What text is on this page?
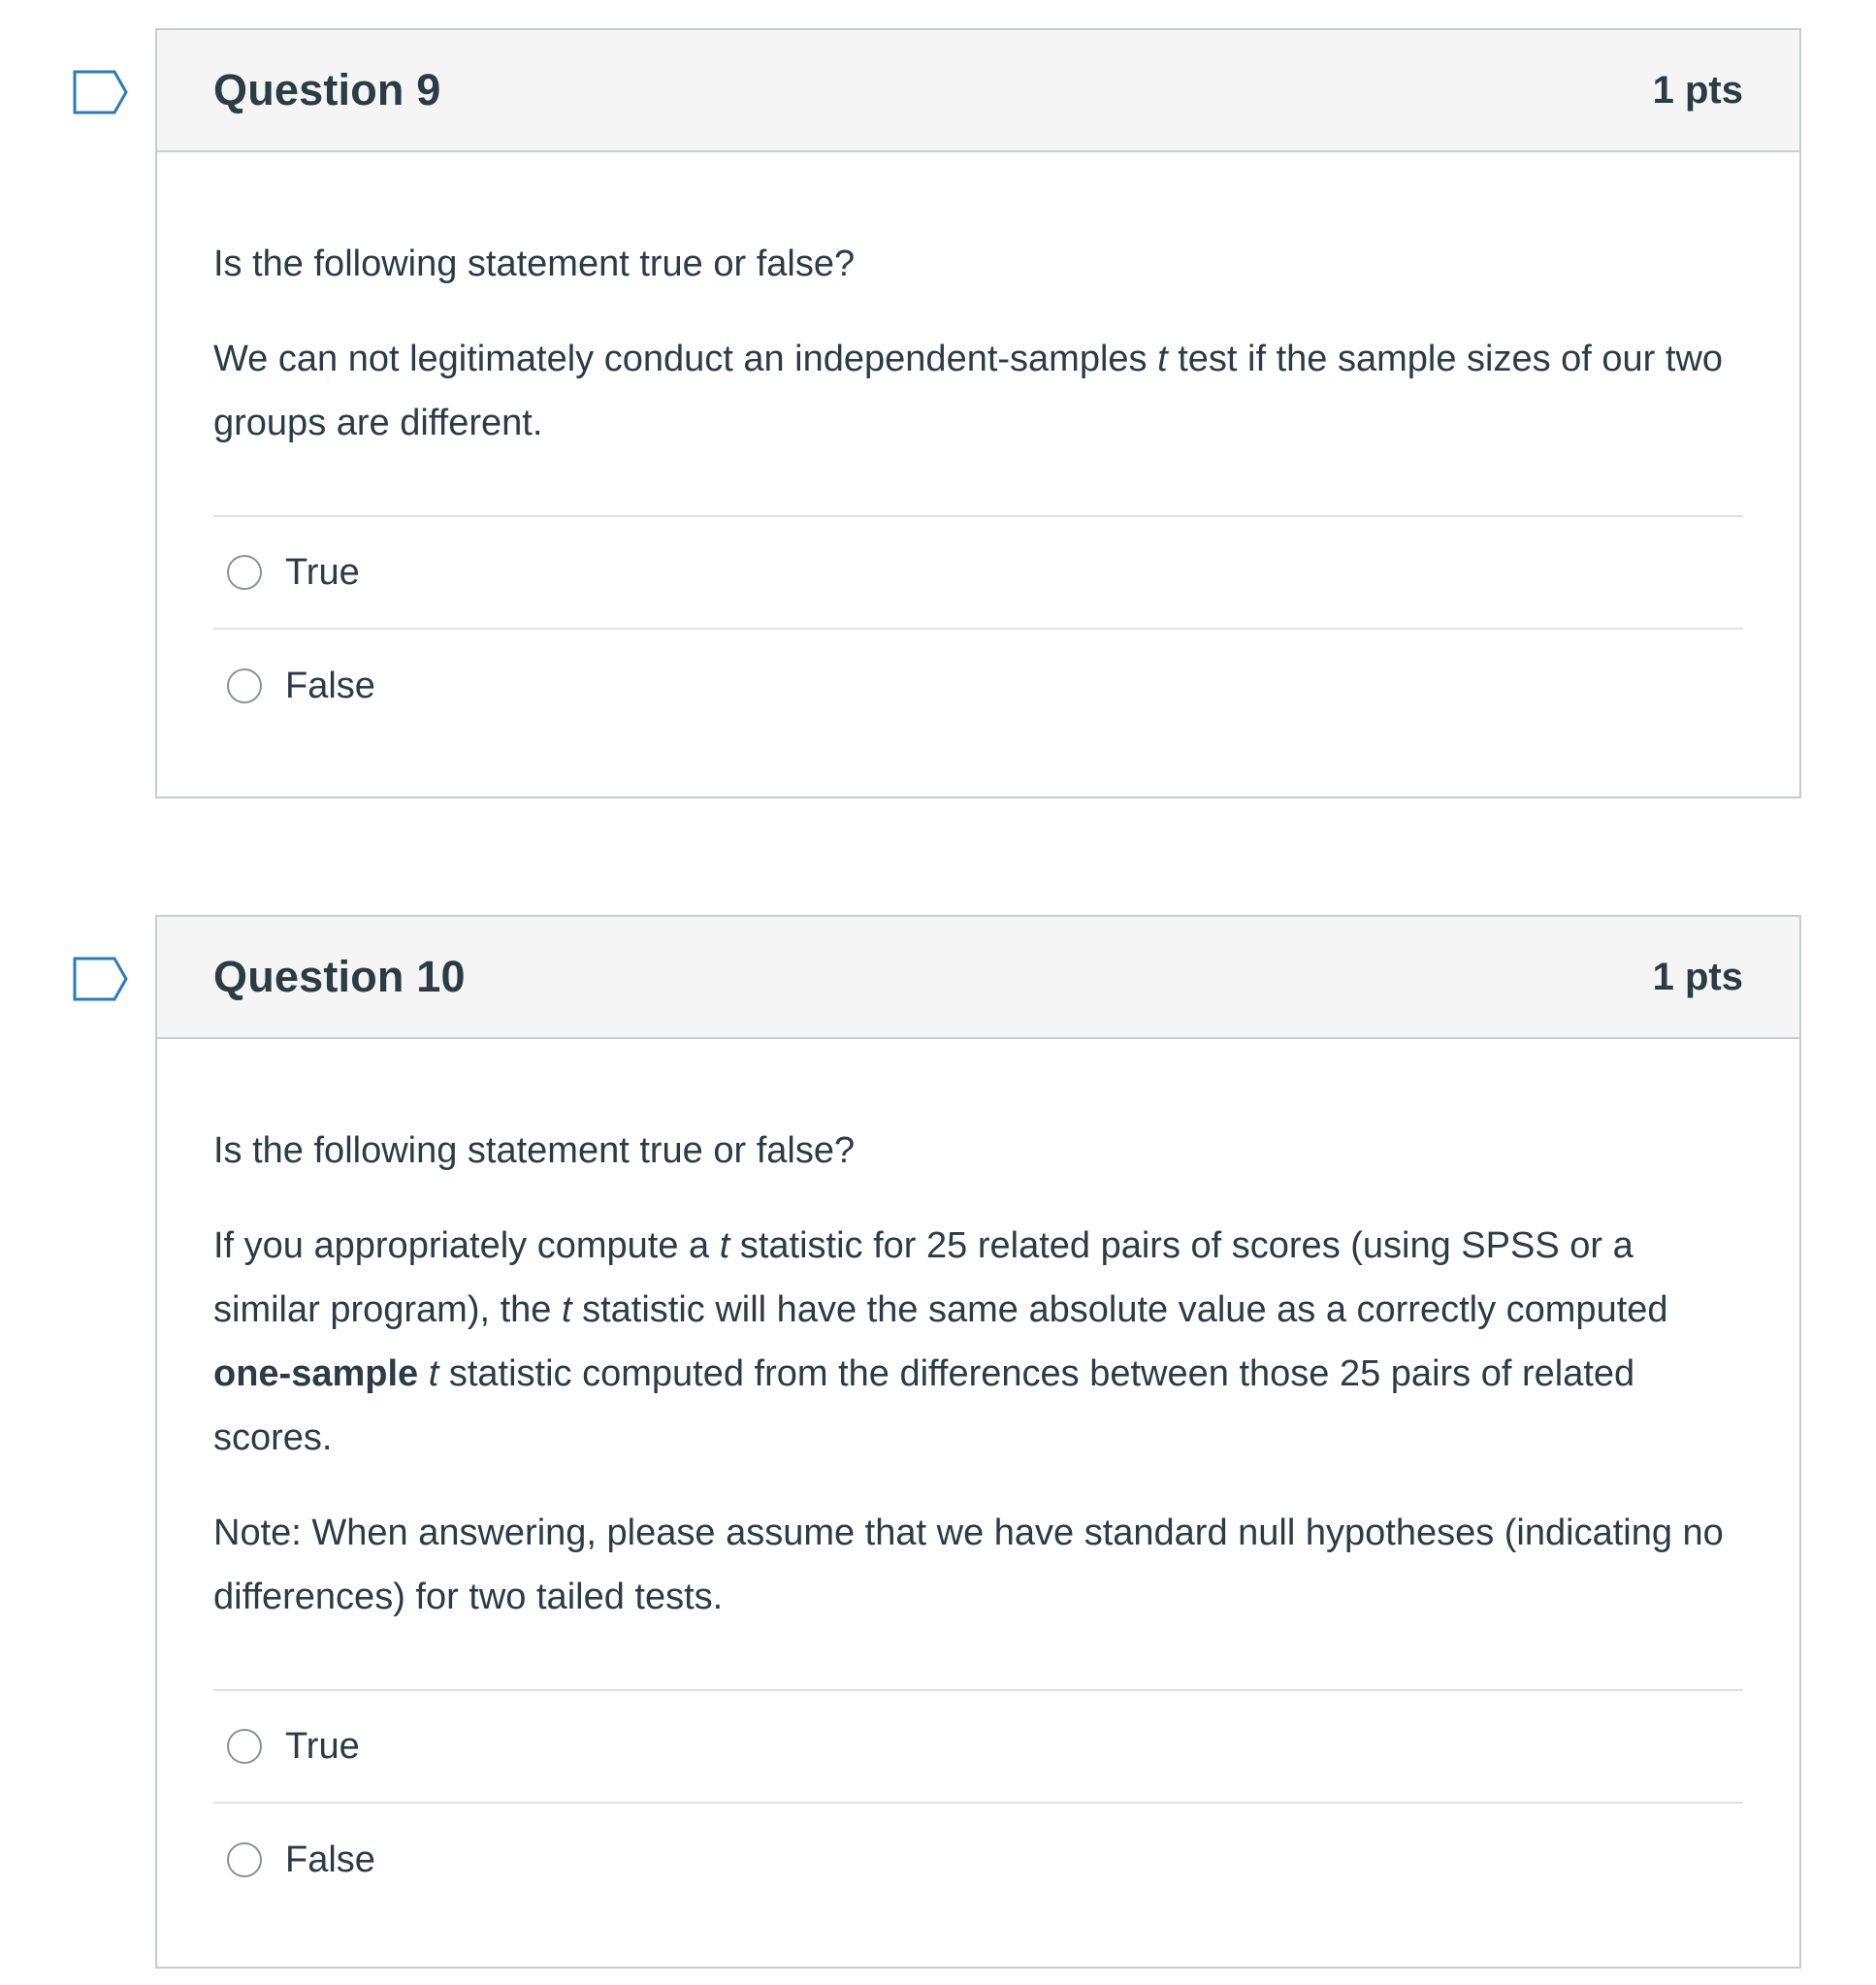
Question 9	1 pts

Is the following statement true or false?

We can not legitimately conduct an independent-samples t test if the sample sizes of our two groups are different.

True
False
Question 10	1 pts

Is the following statement true or false?

If you appropriately compute a t statistic for 25 related pairs of scores (using SPSS or a similar program), the t statistic will have the same absolute value as a correctly computed one-sample t statistic computed from the differences between those 25 pairs of related scores.

Note: When answering, please assume that we have standard null hypotheses (indicating no differences) for two tailed tests.

True
False
